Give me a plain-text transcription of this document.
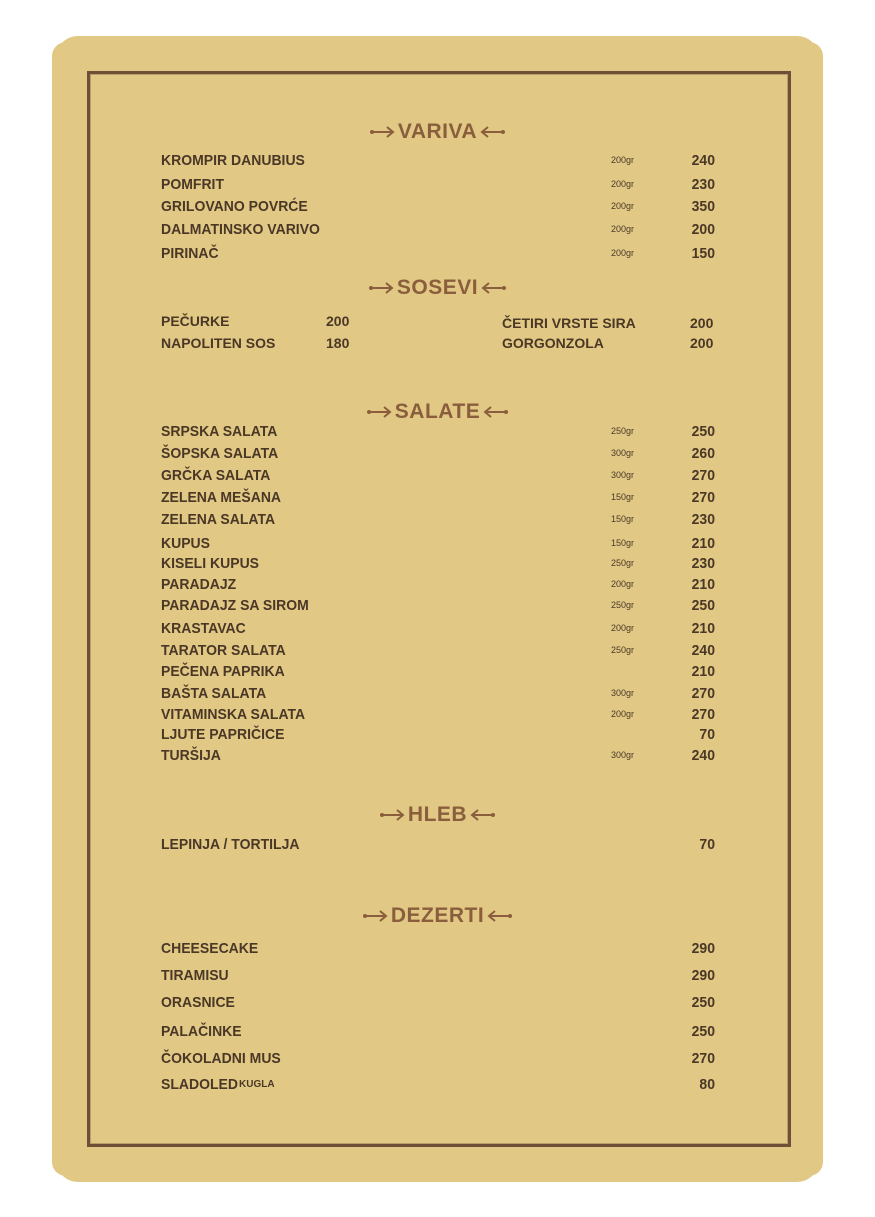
VARIVA
KROMPIR DANUBIUS	200gr	240
POMFRIT	200gr	230
GRILOVANO POVRĆE	200gr	350
DALMATINSKO VARIVO	200gr	200
PIRINAČ	200gr	150
SOSEVI
PEČURKE	200
NAPOLITEN SOS	180
ČETIRI VRSTE SIRA	200
GORGONZOLA	200
SALATE
SRPSKA SALATA	250gr	250
ŠOPSKA SALATA	300gr	260
GRČKA SALATA	300gr	270
ZELENA MEŠANA	150gr	270
ZELENA SALATA	150gr	230
KUPUS	150gr	210
KISELI KUPUS	250gr	230
PARADAJZ	200gr	210
PARADAJZ SA SIROM	250gr	250
KRASTAVAC	200gr	210
TARATOR SALATA	250gr	240
PEČENA PAPRIKA	210
BAŠTA SALATA	300gr	270
VITAMINSKA SALATA	200gr	270
LJUTE PAPRIČICE	70
TURŠIJA	300gr	240
HLEB
LEPINJA / TORTILJA	70
DEZERTI
CHEESECAKE	290
TIRAMISU	290
ORASNICE	250
PALAČINKE	250
ČOKOLADNI MUS	270
SLADOLED KUGLA	80
